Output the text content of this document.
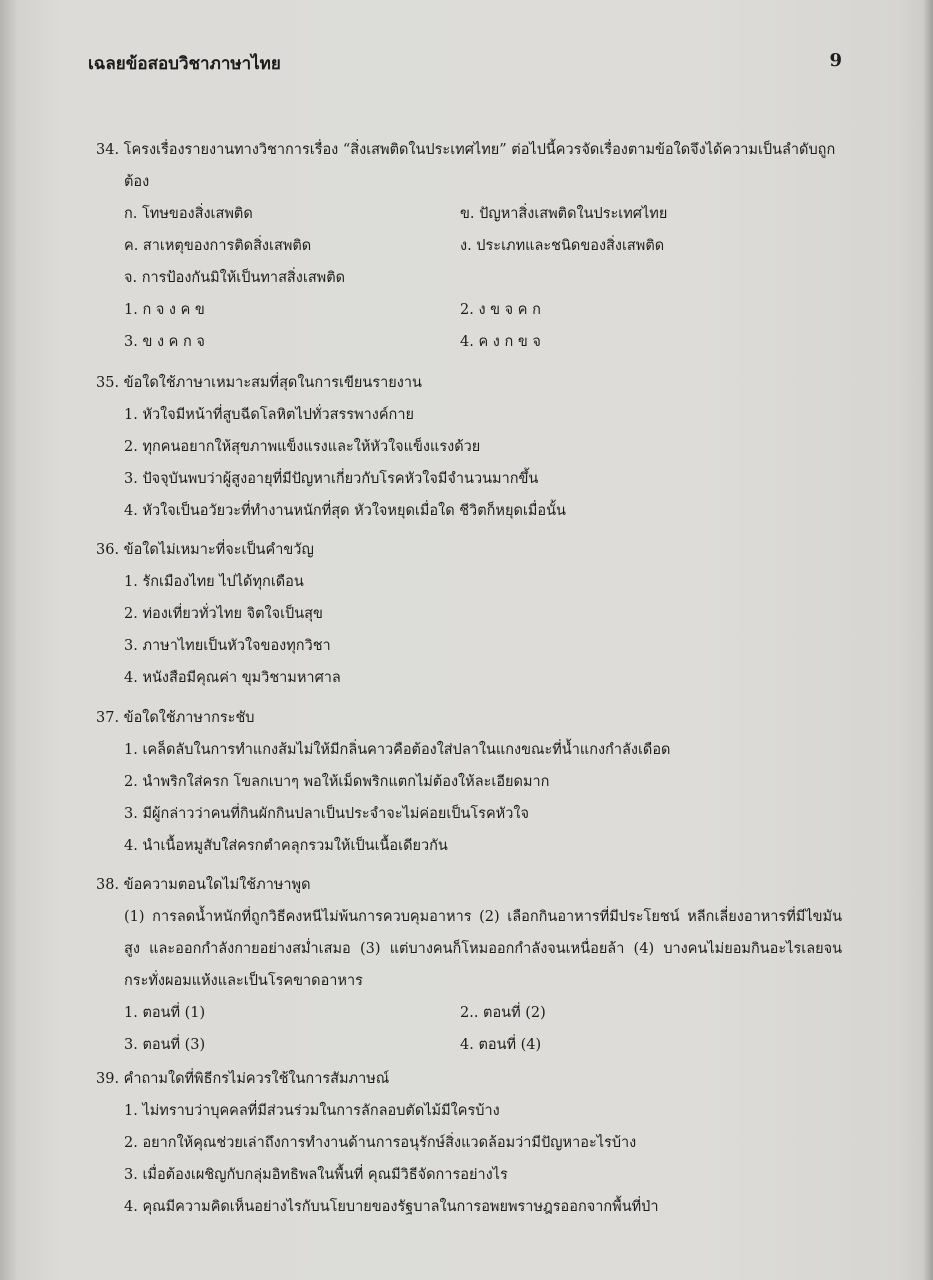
เฉลยข้อสอบวิชาภาษาไทย	9
34. โครงเรื่องรายงานทางวิชาการเรื่อง “สิ่งเสพติดในประเทศไทย” ต่อไปนี้ควรจัดเรื่องตามข้อใดจึงได้ความเป็นลำดับถูกต้อง
ก. โทษของสิ่งเสพติด	ข. ปัญหาสิ่งเสพติดในประเทศไทย
ค. สาเหตุของการติดสิ่งเสพติด	ง. ประเภทและชนิดของสิ่งเสพติด
จ. การป้องกันมิให้เป็นทาสสิ่งเสพติด
1. ก จ ง ค ข	2. ง ข จ ค ก
3. ข ง ค ก จ	4. ค ง ก ข จ
35. ข้อใดใช้ภาษาเหมาะสมที่สุดในการเขียนรายงาน
1. หัวใจมีหน้าที่สูบฉีดโลหิตไปทั่วสรรพางค์กาย
2. ทุกคนอยากให้สุขภาพแข็งแรงและให้หัวใจแข็งแรงด้วย
3. ปัจจุบันพบว่าผู้สูงอายุที่มีปัญหาเกี่ยวกับโรคหัวใจมีจำนวนมากขึ้น
4. หัวใจเป็นอวัยวะที่ทำงานหนักที่สุด หัวใจหยุดเมื่อใด ชีวิตก็หยุดเมื่อนั้น
36. ข้อใดไม่เหมาะที่จะเป็นคำขวัญ
1. รักเมืองไทย ไปได้ทุกเดือน
2. ท่องเที่ยวทั่วไทย จิตใจเป็นสุข
3. ภาษาไทยเป็นหัวใจของทุกวิชา
4. หนังสือมีคุณค่า ขุมวิชามหาศาล
37. ข้อใดใช้ภาษากระชับ
1. เคล็ดลับในการทำแกงส้มไม่ให้มีกลิ่นคาวคือต้องใส่ปลาในแกงขณะที่น้ำแกงกำลังเดือด
2. นำพริกใส่ครก โขลกเบาๆ พอให้เม็ดพริกแตกไม่ต้องให้ละเอียดมาก
3. มีผู้กล่าวว่าคนที่กินผักกินปลาเป็นประจำจะไม่ค่อยเป็นโรคหัวใจ
4. นำเนื้อหมูสับใส่ครกตำคลุกรวมให้เป็นเนื้อเดียวกัน
38. ข้อความตอนใดไม่ใช้ภาษาพูด
(1) การลดน้ำหนักที่ถูกวิธีคงหนีไม่พ้นการควบคุมอาหาร (2) เลือกกินอาหารที่มีประโยชน์ หลีกเลี่ยงอาหารที่มีไขมันสูง และออกกำลังกายอย่างสม่ำเสมอ (3) แต่บางคนก็โหมออกกำลังจนเหนื่อยล้า (4) บางคนไม่ยอมกินอะไรเลยจนกระทั่งผอมแห้งและเป็นโรคขาดอาหาร
1. ตอนที่ (1)	2.. ตอนที่ (2)
3. ตอนที่ (3)	4. ตอนที่ (4)
39. คำถามใดที่พิธีกรไม่ควรใช้ในการสัมภาษณ์
1. ไม่ทราบว่าบุคคลที่มีส่วนร่วมในการลักลอบตัดไม้มีใครบ้าง
2. อยากให้คุณช่วยเล่าถึงการทำงานด้านการอนุรักษ์สิ่งแวดล้อมว่ามีปัญหาอะไรบ้าง
3. เมื่อต้องเผชิญกับกลุ่มอิทธิพลในพื้นที่ คุณมีวิธีจัดการอย่างไร
4. คุณมีความคิดเห็นอย่างไรกับนโยบายของรัฐบาลในการอพยพราษฎรออกจากพื้นที่ป่า
